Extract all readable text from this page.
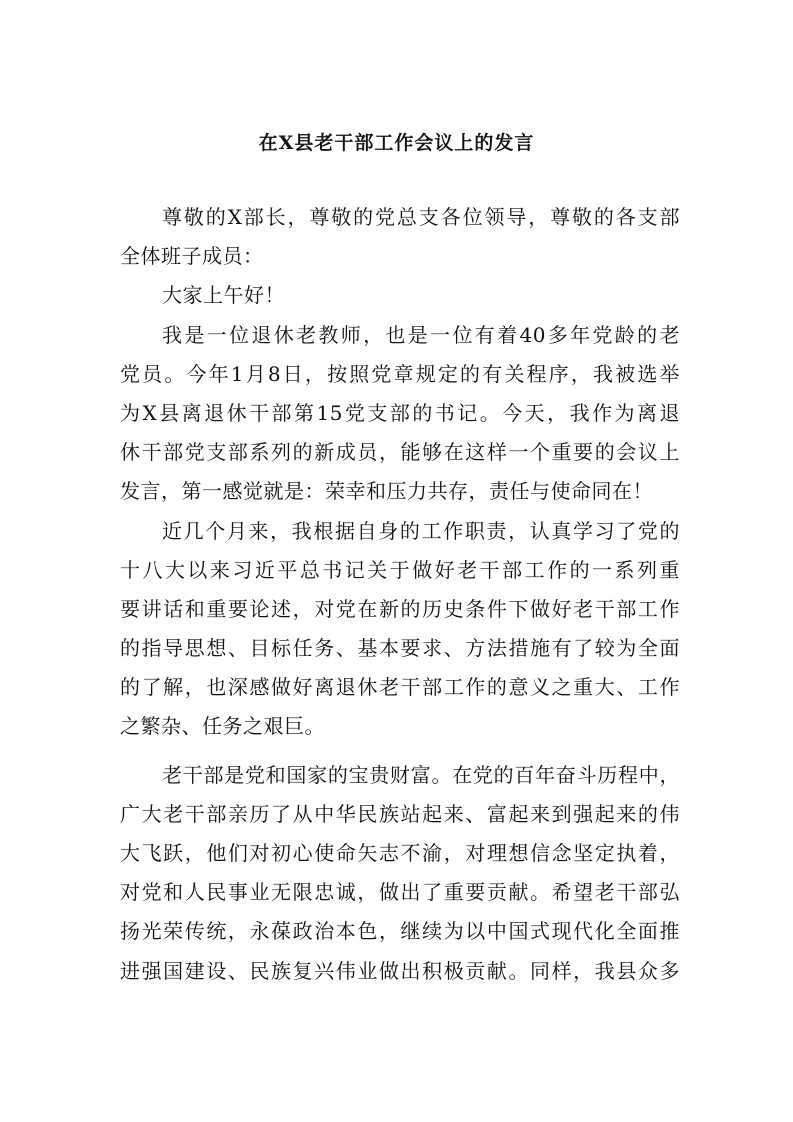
在X县老干部工作会议上的发言
尊敬的X部长，尊敬的党总支各位领导，尊敬的各支部
全体班子成员：
大家上午好！
我是一位退休老教师，也是一位有着40多年党龄的老
党员。今年1月8日，按照党章规定的有关程序，我被选举
为X县离退休干部第15党支部的书记。今天，我作为离退
休干部党支部系列的新成员，能够在这样一个重要的会议上
发言，第一感觉就是：荣幸和压力共存，责任与使命同在！
近几个月来，我根据自身的工作职责，认真学习了党的
十八大以来习近平总书记关于做好老干部工作的一系列重
要讲话和重要论述，对党在新的历史条件下做好老干部工作
的指导思想、目标任务、基本要求、方法措施有了较为全面
的了解，也深感做好离退休老干部工作的意义之重大、工作
之繁杂、任务之艰巨。
老干部是党和国家的宝贵财富。在党的百年奋斗历程中，
广大老干部亲历了从中华民族站起来、富起来到强起来的伟
大飞跃，他们对初心使命矢志不渝，对理想信念坚定执着，
对党和人民事业无限忠诚，做出了重要贡献。希望老干部弘
扬光荣传统，永葆政治本色，继续为以中国式现代化全面推
进强国建设、民族复兴伟业做出积极贡献。同样，我县众多
